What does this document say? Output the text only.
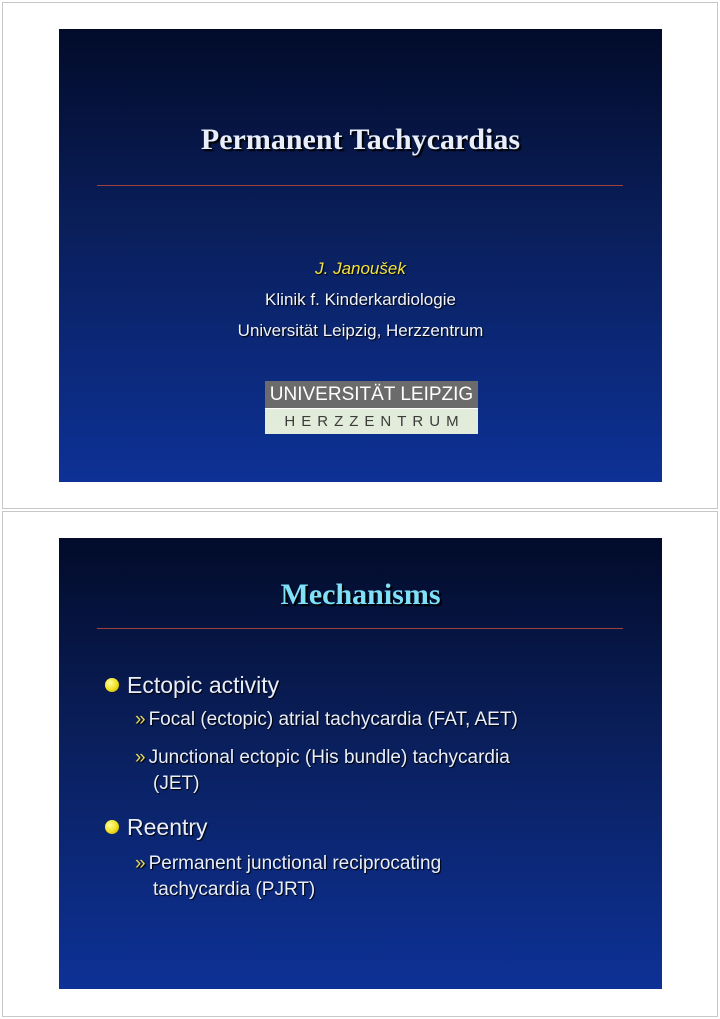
Permanent Tachycardias
J. Janoušek
Klinik f. Kinderkardiologie
Universität Leipzig, Herzzentrum
UNIVERSITÄT LEIPZIG
HERZZENTRUM
Mechanisms
Ectopic activity
» Focal (ectopic) atrial tachycardia (FAT, AET)
» Junctional ectopic (His bundle) tachycardia
(JET)
Reentry
» Permanent junctional reciprocating
tachycardia (PJRT)
